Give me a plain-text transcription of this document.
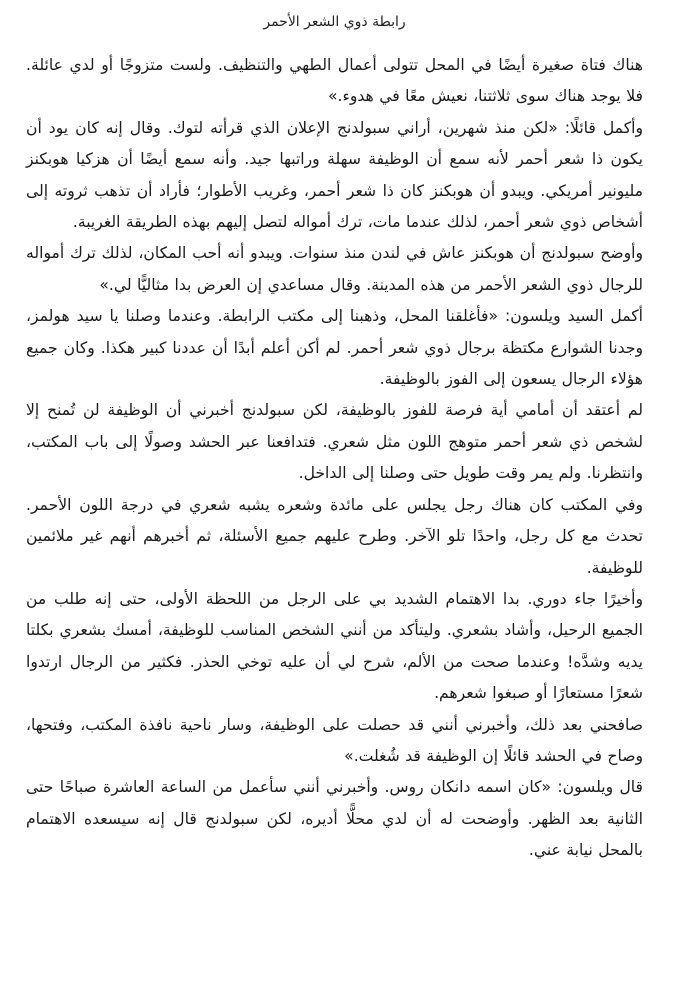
رابطة ذوي الشعر الأحمر

هناك فتاة صغيرة أيضًا في المحل تتولى أعمال الطهي والتنظيف. ولست متزوجًا أو لدي عائلة. فلا يوجد هناك سوى ثلاثتنا، نعيش معًا في هدوء.»

وأكمل قائلًا: «لكن منذ شهرين، أراني سبولدنج الإعلان الذي قرأته لتوك. وقال إنه كان يود أن يكون ذا شعر أحمر لأنه سمع أن الوظيفة سهلة وراتبها جيد. وأنه سمع أيضًا أن هزكيا هوبكنز مليونير أمريكي. ويبدو أن هوبكنز كان ذا شعر أحمر، وغريب الأطوار؛ فأراد أن تذهب ثروته إلى أشخاص ذوي شعر أحمر، لذلك عندما مات، ترك أمواله لتصل إليهم بهذه الطريقة الغريبة.

وأوضح سبولدنج أن هوبكنز عاش في لندن منذ سنوات. ويبدو أنه أحب المكان، لذلك ترك أمواله للرجال ذوي الشعر الأحمر من هذه المدينة. وقال مساعدي إن العرض بدا مثاليًّا لي.»

أكمل السيد ويلسون: «فأغلقنا المحل، وذهبنا إلى مكتب الرابطة. وعندما وصلنا يا سيد هولمز، وجدنا الشوارع مكتظة برجال ذوي شعر أحمر. لم أكن أعلم أبدًا أن عددنا كبير هكذا. وكان جميع هؤلاء الرجال يسعون إلى الفوز بالوظيفة.

لم أعتقد أن أمامي أية فرصة للفوز بالوظيفة، لكن سبولدنج أخبرني أن الوظيفة لن تُمنح إلا لشخص ذي شعر أحمر متوهج اللون مثل شعري. فتدافعنا عبر الحشد وصولًا إلى باب المكتب، وانتظرنا. ولم يمر وقت طويل حتى وصلنا إلى الداخل.

وفي المكتب كان هناك رجل يجلس على مائدة وشعره يشبه شعري في درجة اللون الأحمر. تحدث مع كل رجل، واحدًا تلو الآخر. وطرح عليهم جميع الأسئلة، ثم أخبرهم أنهم غير ملائمين للوظيفة.

وأخيرًا جاء دوري. بدا الاهتمام الشديد بي على الرجل من اللحظة الأولى، حتى إنه طلب من الجميع الرحيل، وأشاد بشعري. وليتأكد من أنني الشخص المناسب للوظيفة، أمسك بشعري بكلتا يديه وشدَّه! وعندما صحت من الألم، شرح لي أن عليه توخي الحذر. فكثير من الرجال ارتدوا شعرًا مستعارًا أو صبغوا شعرهم.

صافحني بعد ذلك، وأخبرني أنني قد حصلت على الوظيفة، وسار ناحية نافذة المكتب، وفتحها، وصاح في الحشد قائلًا إن الوظيفة قد شُغلت.»

قال ويلسون: «كان اسمه دانكان روس. وأخبرني أنني سأعمل من الساعة العاشرة صباحًا حتى الثانية بعد الظهر. وأوضحت له أن لدي محلًّا أديره، لكن سبولدنج قال إنه سيسعده الاهتمام بالمحل نيابة عني.
